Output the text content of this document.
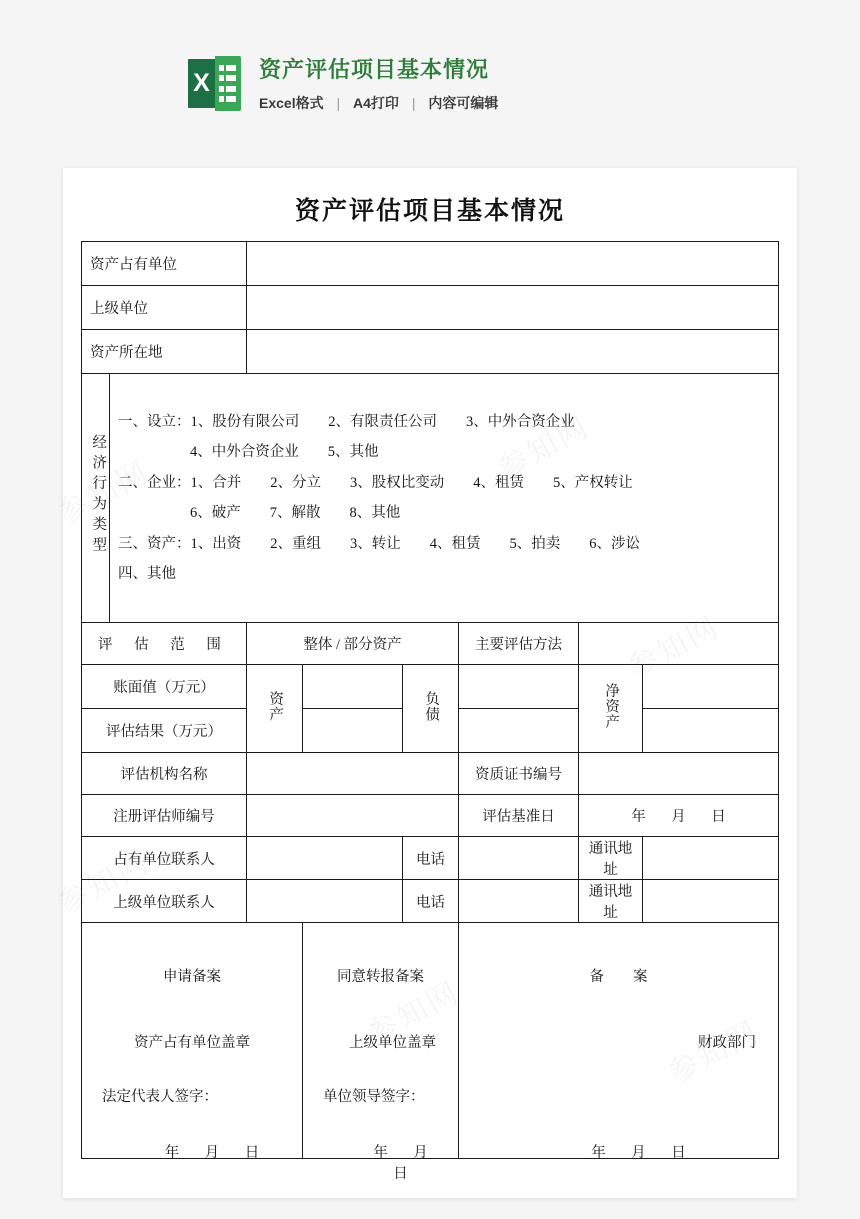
X 资产评估项目基本情况
Excel格式 | A4打印 | 内容可编辑
资产评估项目基本情况
资产占有单位							
上级单位							
资产所在地							
经济行为类型	
一、设立：1、股份有限公司　　2、有限责任公司　　3、中外合资企业
4、中外合资企业　　5、其他
二、企业：1、合并　　2、分立　　3、股权比变动　　4、租赁　　5、产权转让
6、破产　　7、解散　　8、其他
三、资产：1、出资　　2、重组　　3、转让　　4、租赁　　5、拍卖　　6、涉讼
四、其他

评 估 范 围		整体 / 部分资产			主要评估方法		
账面值（万元）		资产		负债		净资产	
评估结果（万元）							
评估机构名称					资质证书编号		
注册评估师编号					评估基准日	年 月 日	
占有单位联系人				电话		通讯地址	
上级单位联系人				电话		通讯地址	

申请备案
资产占有单位盖章
法定代表人签字：
年 月 日

同意转报备案
上级单位盖章
单位领导签字：
年 月日

备　　案
财政部门
年 月 日
